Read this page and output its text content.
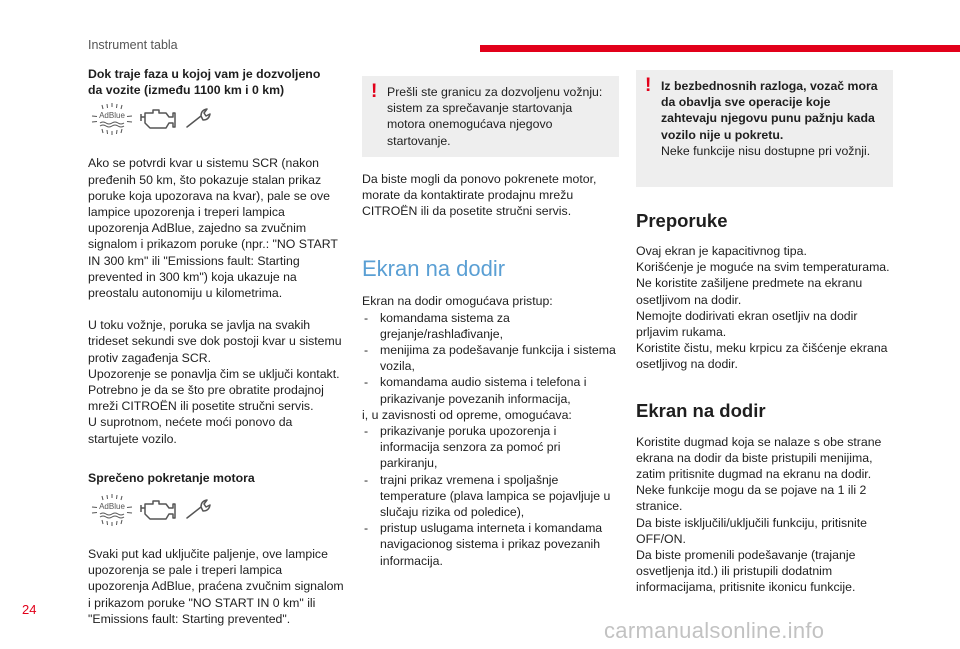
Instrument tabla

Dok traje faza u kojoj vam je dozvoljeno da vozite (između 1100 km i 0 km)

AdBlue

Ako se potvrdi kvar u sistemu SCR (nakon pređenih 50 km, što pokazuje stalan prikaz poruke koja upozorava na kvar), pale se ove lampice upozorenja i treperi lampica upozorenja AdBlue, zajedno sa zvučnim signalom i prikazom poruke (npr.: "NO START IN 300 km" ili "Emissions fault: Starting prevented in 300 km") koja ukazuje na preostalu autonomiju u kilometrima.

U toku vožnje, poruka se javlja na svakih trideset sekundi sve dok postoji kvar u sistemu protiv zagađenja SCR.

Upozorenje se ponavlja čim se uključi kontakt. Potrebno je da se što pre obratite prodajnoj mreži CITROËN ili posetite stručni servis.

U suprotnom, nećete moći ponovo da startujete vozilo.

Sprečeno pokretanje motora

AdBlue

Svaki put kad uključite paljenje, ove lampice upozorenja se pale i treperi lampica upozorenja AdBlue, praćena zvučnim signalom i prikazom poruke "NO START IN 0 km" ili "Emissions fault: Starting prevented".

! Prešli ste granicu za dozvoljenu vožnju: sistem za sprečavanje startovanja motora onemogućava njegovo startovanje.

Da biste mogli da ponovo pokrenete motor, morate da kontaktirate prodajnu mrežu CITROËN ili da posetite stručni servis.

Ekran na dodir

Ekran na dodir omogućava pristup:

- komandama sistema za grejanje/rashlađivanje,
- menijima za podešavanje funkcija i sistema vozila,
- komandama audio sistema i telefona i prikazivanje povezanih informacija,

i, u zavisnosti od opreme, omogućava:

- prikazivanje poruka upozorenja i informacija senzora za pomoć pri parkiranju,
- trajni prikaz vremena i spoljašnje temperature (plava lampica se pojavljuje u slučaju rizika od poledice),
- pristup uslugama interneta i komandama navigacionog sistema i prikaz povezanih informacija.
! Iz bezbednosnih razloga, vozač mora da obavlja sve operacije koje zahtevaju njegovu punu pažnju kada vozilo nije u pokretu.

Neke funkcije nisu dostupne pri vožnji.

Preporuke

Ovaj ekran je kapacitivnog tipa.

Korišćenje je moguće na svim temperaturama.

Ne koristite zašiljene predmete na ekranu osetljivom na dodir.

Nemojte dodirivati ekran osetljiv na dodir prljavim rukama.

Koristite čistu, meku krpicu za čišćenje ekrana osetljivog na dodir.

Ekran na dodir

Koristite dugmad koja se nalaze s obe strane ekrana na dodir da biste pristupili menijima, zatim pritisnite dugmad na ekranu na dodir.

Neke funkcije mogu da se pojave na 1 ili 2 stranice.

Da biste isključili/uključili funkciju, pritisnite OFF/ON.

Da biste promenili podešavanje (trajanje osvetljenja itd.) ili pristupili dodatnim informacijama, pritisnite ikonicu funkcije.

24
carmanualsonline.info
